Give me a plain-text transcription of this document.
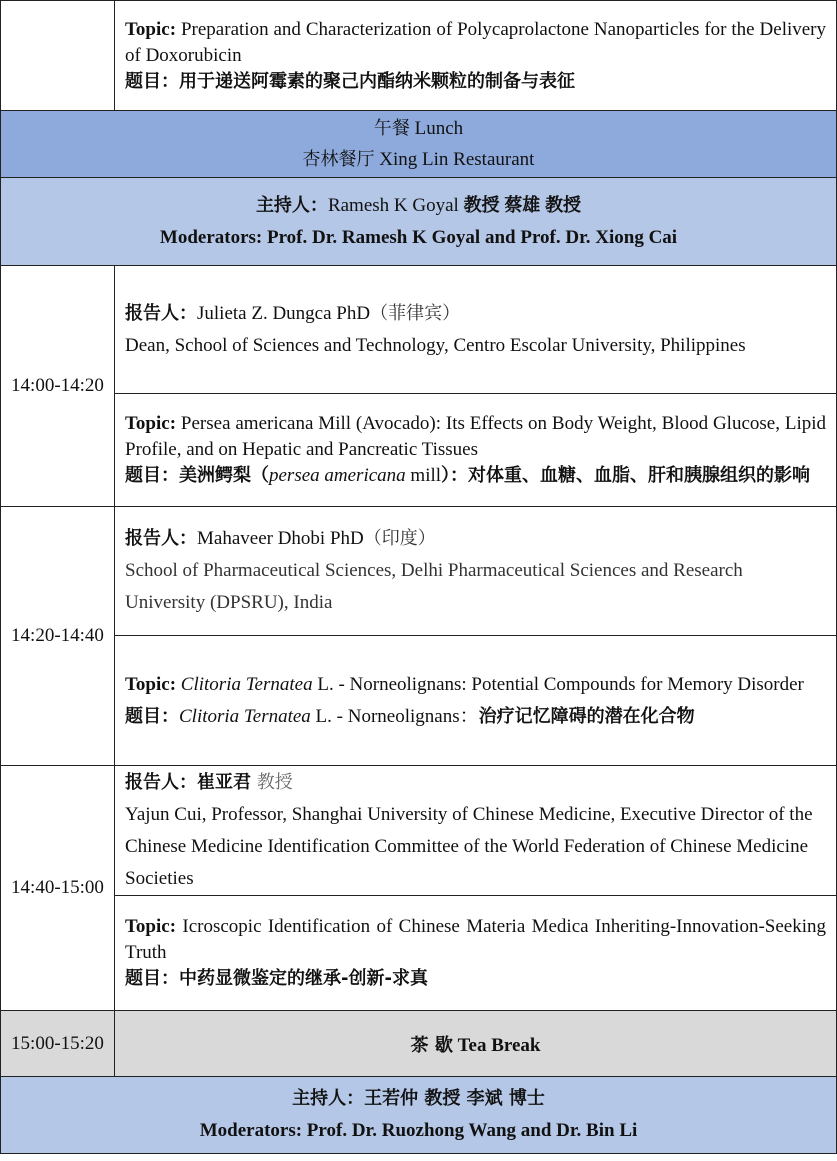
	Topic: Preparation and Characterization of Polycaprolactone Nanoparticles for the Delivery of Doxorubicin

题目：用于递送阿霉素的聚己内酯纳米颗粒的制备与表征

午餐 Lunch
杏林餐厅 Xing Lin Restaurant	

主持人：Ramesh K Goyal 教授 蔡雄 教授
Moderators: Prof. Dr. Ramesh K Goyal and Prof. Dr. Xiong Cai	

14:00-14:20	报告人：Julieta Z. Dungca PhD（菲律宾）

Dean, School of Sciences and Technology, Centro Escolar University, Philippines

	Topic: Persea americana Mill (Avocado): Its Effects on Body Weight, Blood Glucose, Lipid Profile, and on Hepatic and Pancreatic Tissues

题目：美洲鳄梨（persea americana mill）：对体重、血糖、血脂、肝和胰腺组织的影响

14:20-14:40	报告人：Mahaveer Dhobi PhD（印度）

School of Pharmaceutical Sciences, Delhi Pharmaceutical Sciences and Research University (DPSRU), India

	Topic: Clitoria Ternatea L. - Norneolignans: Potential Compounds for Memory Disorder

题目：Clitoria Ternatea L. - Norneolignans：治疗记忆障碍的潜在化合物

14:40-15:00	报告人：崔亚君 教授

Yajun Cui, Professor, Shanghai University of Chinese Medicine, Executive Director of the Chinese Medicine Identification Committee of the World Federation of Chinese Medicine Societies

	Topic: Icroscopic Identification of Chinese Materia Medica Inheriting-Innovation-Seeking Truth

题目：中药显微鉴定的继承-创新-求真

15:00-15:20	茶 歇 Tea Break

主持人：王若仲 教授 李斌 博士
Moderators: Prof. Dr. Ruozhong Wang and Dr. Bin Li	
